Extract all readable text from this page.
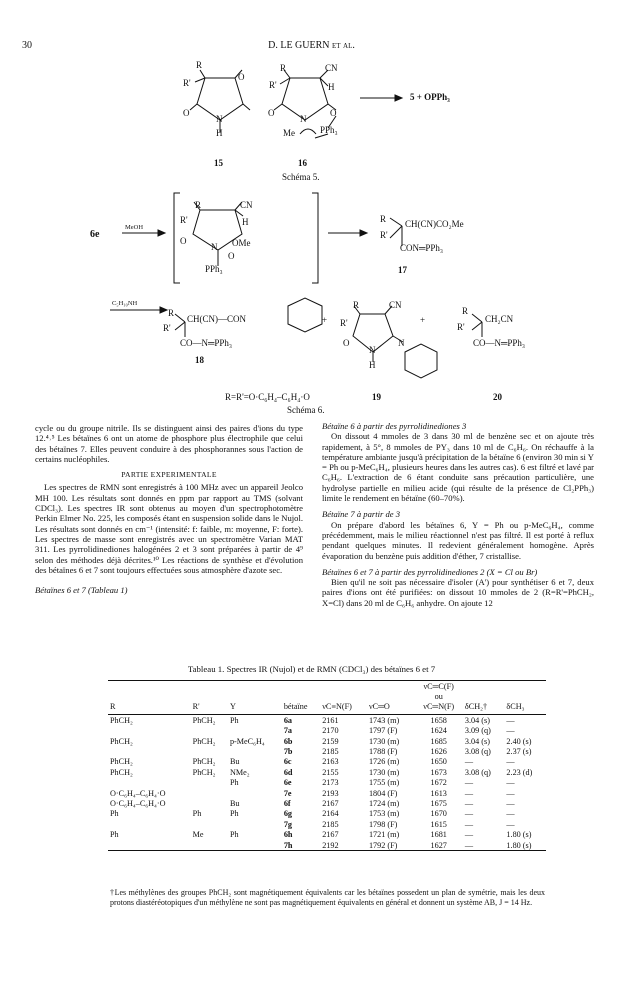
30	D. LE GUERN et al.
R
R'
O
O
N
H
15
R
R'
CN
H
O
N
O
Me	PPh₃
16
5 + OPPh₃
Schéma 5.
6e
MeOH
R
R'
CN
H
O
N OMe
O
PPh₃
R
R'
CH(CN)CO₂Me
CON═PPh₃
17
C₅H₁₀NH
R
R'
CH(CN)—CON
CO—N═PPh₃
18
+
R
R'
CN
O
N
H
N
+
R
R'
CH₂CN
CO—N═PPh₃
R=R'=O·C₆H₄–C₆H₄·O	19	20
Schéma 6.

cycle ou du groupe nitrile. Ils se distinguent ainsi des paires d'ions du type 12.⁴˒⁵ Les bétaïnes 6 ont un atome de phosphore plus électrophile que celui des bétaïnes 7. Elles peuvent conduire à des phosphorannes sous l'action de certains nucléophiles.

PARTIE EXPERIMENTALE

Les spectres de RMN sont enregistrés à 100 MHz avec un appareil Jeolco MH 100. Les résultats sont donnés en ppm par rapport au TMS (solvant CDCl₃). Les spectres IR sont obtenus au moyen d'un spectrophotomètre Perkin Elmer No. 225, les composés étant en suspension solide dans le Nujol. Les résultats sont donnés en cm⁻¹ (intensité: f: faible, m: moyenne, F: forte). Les spectres de masse sont enregistrés avec un spectromètre Varian MAT 311. Les pyrrolidinediones halogénées 2 et 3 sont préparées à partir de 4⁹ selon des méthodes déjà décrites.¹⁰ Les réactions de synthèse et d'évolution des bétaïnes 6 et 7 sont toujours effectuées sous atmosphère d'azote sec.

Bétaïnes 6 et 7 (Tableau 1)

Bétaïne 6 à partir des pyrrolidinediones 3

On dissout 4 mmoles de 3 dans 30 ml de benzène sec et on ajoute très rapidement, à 5°, 8 mmoles de PY₃ dans 10 ml de C₆H₆. On réchauffe à la température ambiante jusqu'à précipitation de la bétaïne 6 (environ 30 min si Y = Ph ou p-MeC₆H₄, plusieurs heures dans les autres cas). 6 est filtré et lavé par C₆H₆. L'extraction de 6 étant conduite sans précaution particulière, une hydrolyse partielle en milieu acide (qui résulte de la présence de Cl₂PPh₃) limite le rendement en bétaïne (60–70%).

Bétaïne 7 à partir de 3

On prépare d'abord les bétaïnes 6, Y = Ph ou p-MeC₆H₄, comme précédemment, mais le milieu réactionnel n'est pas filtré. Il est porté à reflux pendant quelques minutes. Il redevient généralement homogène. Après évaporation du benzène puis addition d'éther, 7 cristallise.

Bétaïnes 6 et 7 à partir des pyrrolidinediones 2 (X = Cl ou Br)

Bien qu'il ne soit pas nécessaire d'isoler (A') pour synthétiser 6 et 7, deux paires d'ions ont été purifiées: on dissout 10 mmoles de 2 (R=R'=PhCH₂, X=Cl) dans 20 ml de C₆H₆ anhydre. On ajoute 12

Tableau 1. Spectres IR (Nujol) et de RMN (CDCl₃) des bétaïnes 6 et 7
						νC═C(F)		
						ou		
R	R'	Y	bétaïne	νC≡N(F)	νC═O	νC═N(F)	δCH₂†	δCH₃
PhCH₂	PhCH₂	Ph	6a	2161	1743 (m)	1658	3.04 (s)	—
			7a	2170	1797 (F)	1624	3.09 (q)	—
PhCH₂	PhCH₂	p-MeC₆H₄	6b	2159	1730 (m)	1685	3.04 (s)	2.40 (s)
			7b	2185	1788 (F)	1626	3.08 (q)	2.37 (s)
PhCH₂	PhCH₂	Bu	6c	2163	1726 (m)	1650	—	—
PhCH₂	PhCH₂	NMe₂	6d	2155	1730 (m)	1673	3.08 (q)	2.23 (d)
		Ph	6e	2173	1755 (m)	1672	—	—
O·C₆H₄–C₆H₄·O			7e	2193	1804 (F)	1613	—	—
O·C₆H₄–C₆H₄·O		Bu	6f	2167	1724 (m)	1675	—	—
Ph	Ph	Ph	6g	2164	1753 (m)	1670	—	—
			7g	2185	1798 (F)	1615	—	—
Ph	Me	Ph	6h	2167	1721 (m)	1681	—	1.80 (s)
			7h	2192	1792 (F)	1627	—	1.80 (s)
†Les méthylènes des groupes PhCH₂ sont magnétiquement équivalents car les bétaïnes possedent un plan de symétrie, mais les deux protons diastéréotopiques d'un méthylène ne sont pas magnétiquement équivalents en général et donnent un système AB, J = 14 Hz.
